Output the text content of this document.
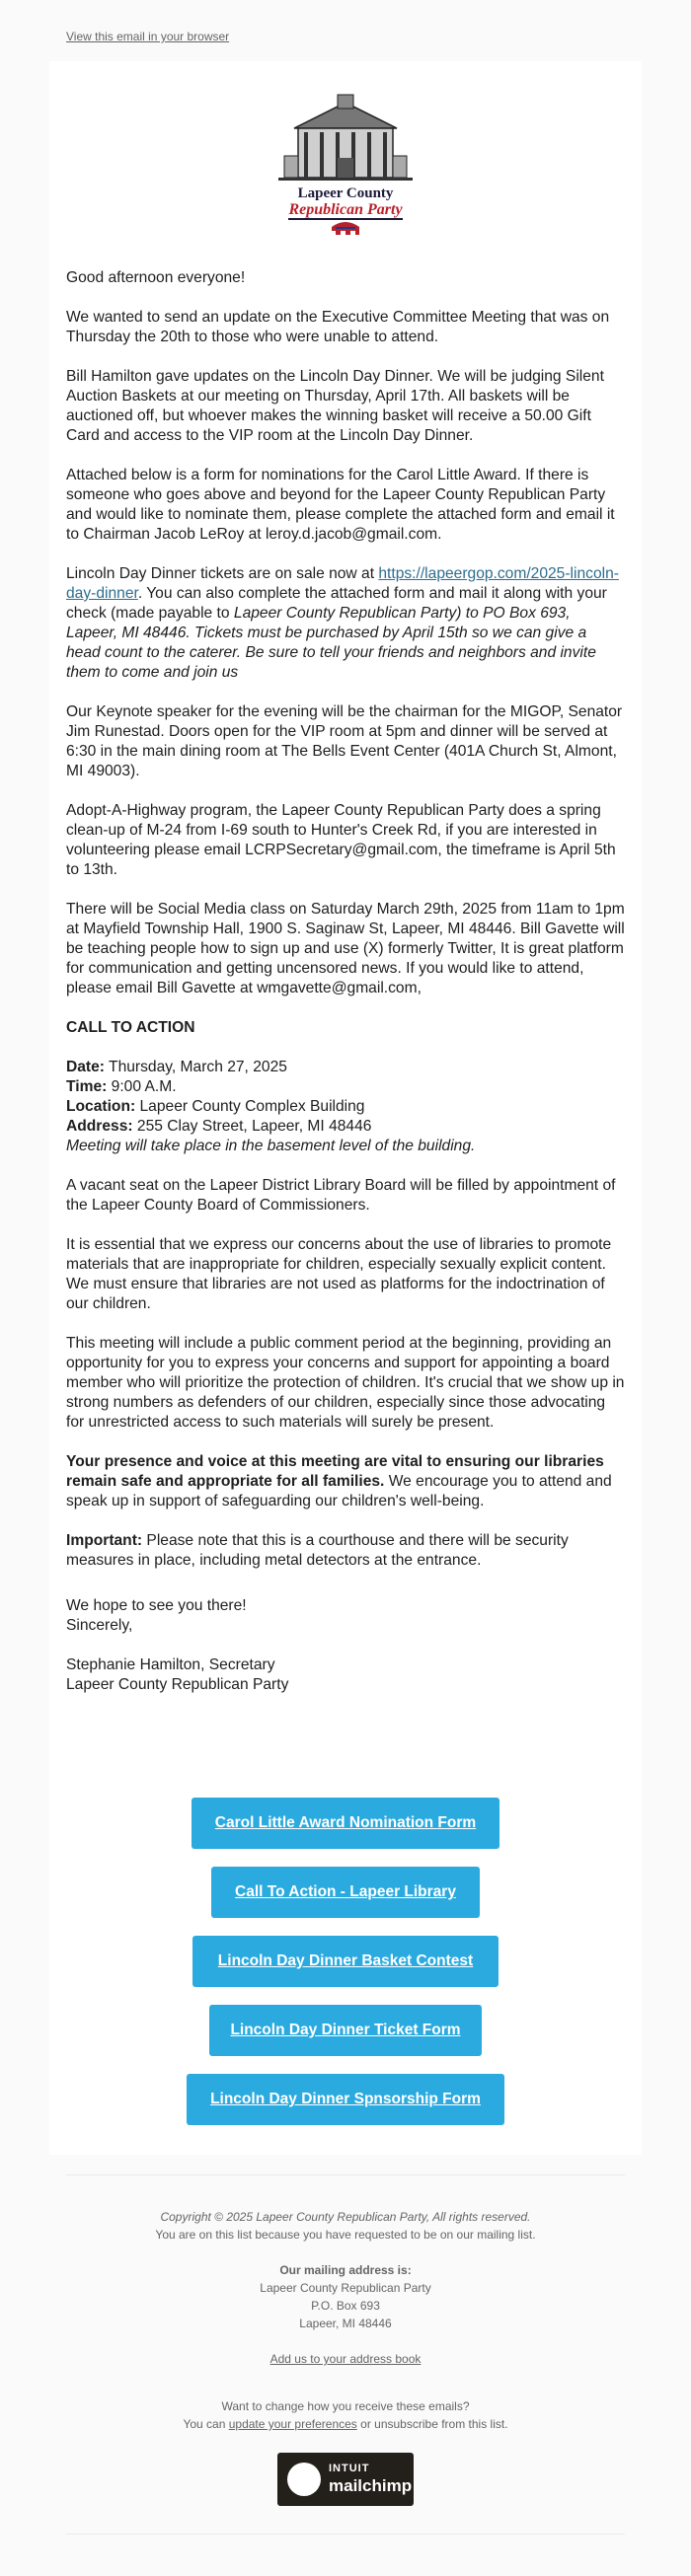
View this email in your browser
Lapeer County
Republican Party

Good afternoon everyone!

We wanted to send an update on the Executive Committee Meeting that was on Thursday the 20th to those who were unable to attend.

Bill Hamilton gave updates on the Lincoln Day Dinner. We will be judging Silent Auction Baskets at our meeting on Thursday, April 17th. All baskets will be auctioned off, but whoever makes the winning basket will receive a 50.00 Gift Card and access to the VIP room at the Lincoln Day Dinner.

Attached below is a form for nominations for the Carol Little Award. If there is someone who goes above and beyond for the Lapeer County Republican Party and would like to nominate them, please complete the attached form and email it to Chairman Jacob LeRoy at leroy.d.jacob@gmail.com.

Lincoln Day Dinner tickets are on sale now at https://lapeergop.com/2025-lincoln-day-dinner. You can also complete the attached form and mail it along with your check (made payable to Lapeer County Republican Party) to PO Box 693, Lapeer, MI 48446. Tickets must be purchased by April 15th so we can give a head count to the caterer. Be sure to tell your friends and neighbors and invite them to come and join us

Our Keynote speaker for the evening will be the chairman for the MIGOP, Senator Jim Runestad. Doors open for the VIP room at 5pm and dinner will be served at 6:30 in the main dining room at The Bells Event Center (401A Church St, Almont, MI 49003).

Adopt-A-Highway program, the Lapeer County Republican Party does a spring clean-up of M-24 from I-69 south to Hunter's Creek Rd, if you are interested in volunteering please email LCRPSecretary@gmail.com, the timeframe is April 5th to 13th.

There will be Social Media class on Saturday March 29th, 2025 from 11am to 1pm at Mayfield Township Hall, 1900 S. Saginaw St, Lapeer, MI 48446. Bill Gavette will be teaching people how to sign up and use (X) formerly Twitter, It is great platform for communication and getting uncensored news. If you would like to attend, please email Bill Gavette at wmgavette@gmail.com,

CALL TO ACTION

Date: Thursday, March 27, 2025
Time: 9:00 A.M.
Location: Lapeer County Complex Building
Address: 255 Clay Street, Lapeer, MI 48446

Meeting will take place in the basement level of the building.

A vacant seat on the Lapeer District Library Board will be filled by appointment of the Lapeer County Board of Commissioners.

It is essential that we express our concerns about the use of libraries to promote materials that are inappropriate for children, especially sexually explicit content. We must ensure that libraries are not used as platforms for the indoctrination of our children.

This meeting will include a public comment period at the beginning, providing an opportunity for you to express your concerns and support for appointing a board member who will prioritize the protection of children. It's crucial that we show up in strong numbers as defenders of our children, especially since those advocating for unrestricted access to such materials will surely be present.

Your presence and voice at this meeting are vital to ensuring our libraries remain safe and appropriate for all families. We encourage you to attend and speak up in support of safeguarding our children's well-being.

Important: Please note that this is a courthouse and there will be security measures in place, including metal detectors at the entrance.

We hope to see you there!

Sincerely,

Stephanie Hamilton, Secretary
Lapeer County Republican Party
Carol Little Award Nomination Form
Call To Action - Lapeer Library
Lincoln Day Dinner Basket Contest
Lincoln Day Dinner Ticket Form
Lincoln Day Dinner Spnsorship Form
Copyright © 2025 Lapeer County Republican Party, All rights reserved.
You are on this list because you have requested to be on our mailing list.
Our mailing address is:
Lapeer County Republican Party
P.O. Box 693
Lapeer, MI 48446
Add us to your address book
Want to change how you receive these emails?
You can update your preferences or unsubscribe from this list.
INTUIT
mailchimp
